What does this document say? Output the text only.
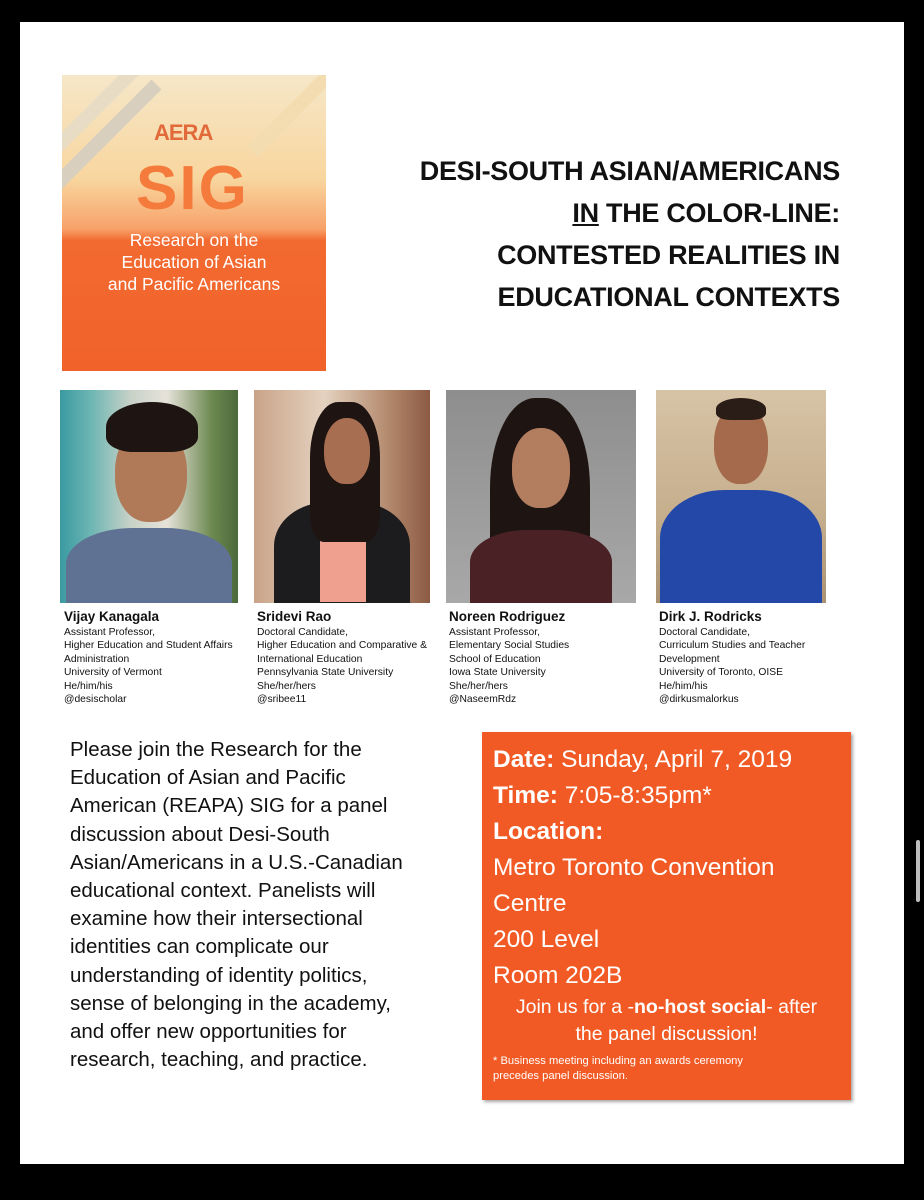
AERA
SIG
Research on the
Education of Asian
and Pacific Americans
DESI-SOUTH ASIAN/AMERICANS
IN THE COLOR-LINE:
CONTESTED REALITIES IN
EDUCATIONAL CONTEXTS
Vijay Kanagala
Assistant Professor,
Higher Education and Student Affairs
Administration
University of Vermont
He/him/his
@desischolar
Sridevi Rao
Doctoral Candidate,
Higher Education and Comparative &
International Education
Pennsylvania State University
She/her/hers
@sribee11
Noreen Rodriguez
Assistant Professor,
Elementary Social Studies
School of Education
Iowa State University
She/her/hers
@NaseemRdz
Dirk J. Rodricks
Doctoral Candidate,
Curriculum Studies and Teacher
Development
University of Toronto, OISE
He/him/his
@dirkusmalorkus
Please join the Research for the
Education of Asian and Pacific
American (REAPA) SIG for a panel
discussion about Desi-South
Asian/Americans in a U.S.-Canadian
educational context. Panelists will
examine how their intersectional
identities can complicate our
understanding of identity politics,
sense of belonging in the academy,
and offer new opportunities for
research, teaching, and practice.
Date: Sunday, April 7, 2019
Time: 7:05-8:35pm*
Location:
Metro Toronto Convention
Centre
200 Level
Room 202B
Join us for a -no-host social- after
the panel discussion!
* Business meeting including an awards ceremony
precedes panel discussion.
